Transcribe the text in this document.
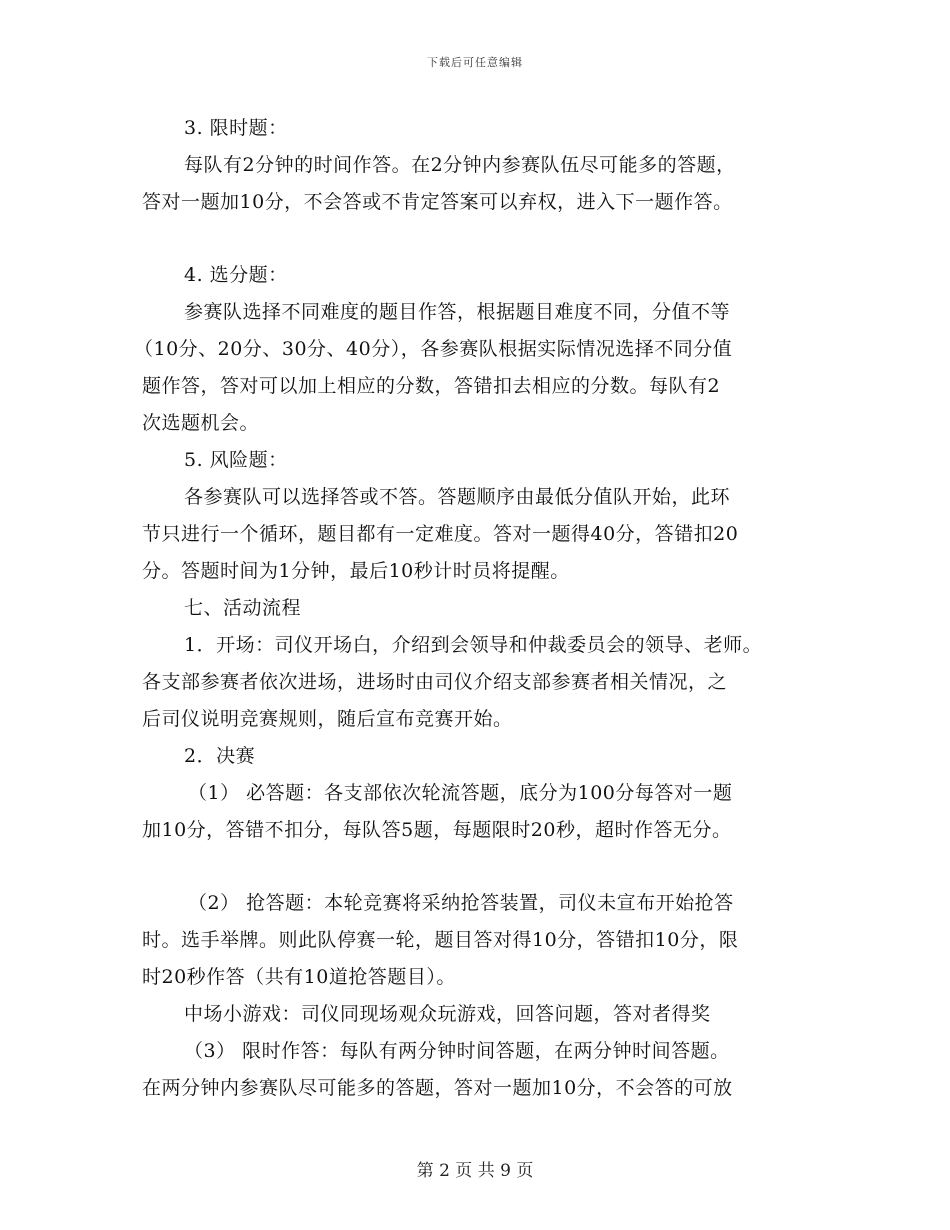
下载后可任意编辑
3. 限时题：
每队有2分钟的时间作答。在2分钟内参赛队伍尽可能多的答题，
答对一题加10分，不会答或不肯定答案可以弃权，进入下一题作答。
4. 选分题：
参赛队选择不同难度的题目作答，根据题目难度不同，分值不等
（10分、20分、30分、40分），各参赛队根据实际情况选择不同分值
题作答，答对可以加上相应的分数，答错扣去相应的分数。每队有2
次选题机会。
5. 风险题：
各参赛队可以选择答或不答。答题顺序由最低分值队开始，此环
节只进行一个循环，题目都有一定难度。答对一题得40分，答错扣20
分。答题时间为1分钟，最后10秒计时员将提醒。
七、活动流程
1．开场：司仪开场白，介绍到会领导和仲裁委员会的领导、老师。
各支部参赛者依次进场，进场时由司仪介绍支部参赛者相关情况，之
后司仪说明竞赛规则，随后宣布竞赛开始。
2．决赛
（1） 必答题：各支部依次轮流答题，底分为100分每答对一题
加10分，答错不扣分，每队答5题，每题限时20秒，超时作答无分。
（2） 抢答题：本轮竞赛将采纳抢答装置，司仪未宣布开始抢答
时。选手举牌。则此队停赛一轮，题目答对得10分，答错扣10分，限
时20秒作答（共有10道抢答题目）。
中场小游戏：司仪同现场观众玩游戏，回答问题，答对者得奖
（3） 限时作答：每队有两分钟时间答题，在两分钟时间答题。
在两分钟内参赛队尽可能多的答题，答对一题加10分，不会答的可放
第 2 页 共 9 页
